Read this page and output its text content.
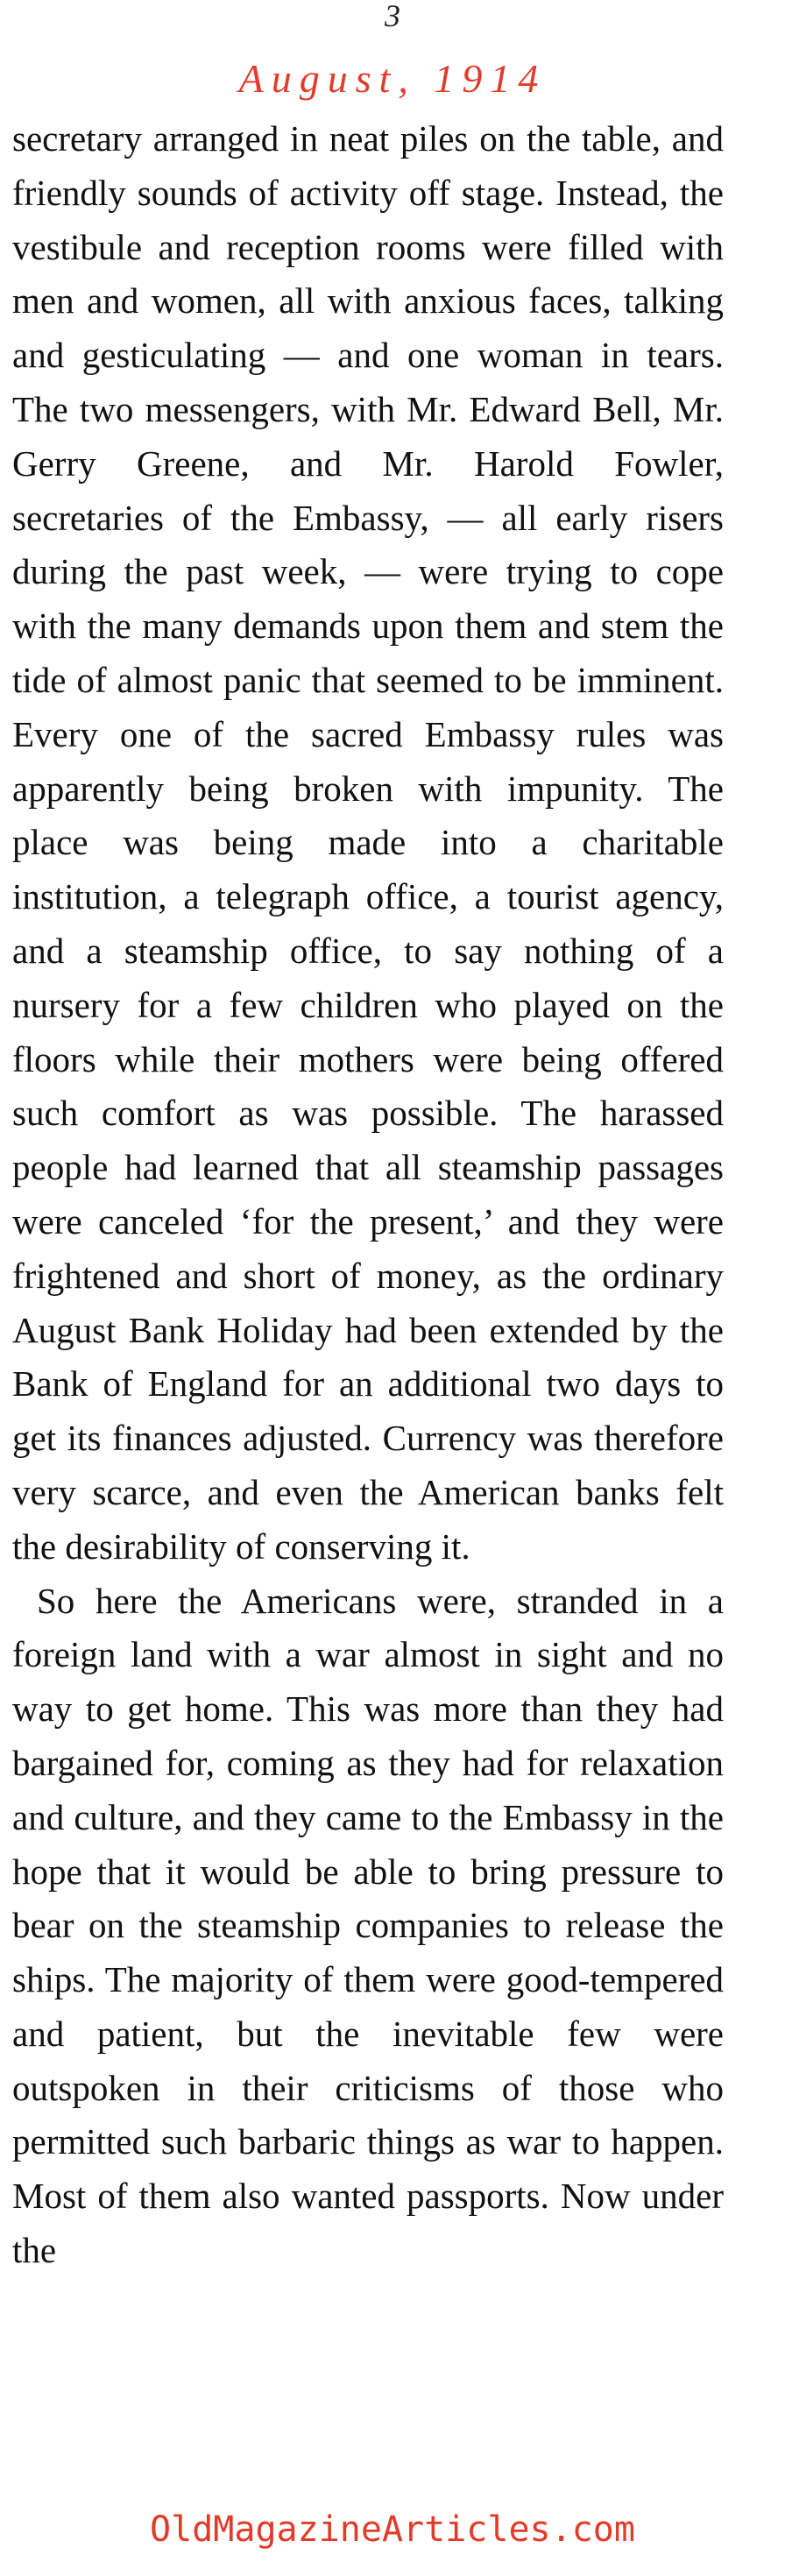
3
August, 1914

secretary arranged in neat piles on the table, and friendly sounds of activity off stage. Instead, the vestibule and reception rooms were filled with men and women, all with anxious faces, talking and gesticulating — and one woman in tears. The two messengers, with Mr. Edward Bell, Mr. Gerry Greene, and Mr. Harold Fowler, secretaries of the Embassy, — all early risers during the past week, — were trying to cope with the many demands upon them and stem the tide of almost panic that seemed to be imminent. Every one of the sacred Embassy rules was apparently being broken with impunity. The place was being made into a charitable institution, a telegraph office, a tourist agency, and a steamship office, to say nothing of a nursery for a few children who played on the floors while their mothers were being offered such comfort as was possible. The harassed people had learned that all steamship passages were canceled ‘for the present,’ and they were frightened and short of money, as the ordinary August Bank Holiday had been extended by the Bank of England for an additional two days to get its finances adjusted. Currency was therefore very scarce, and even the American banks felt the desirability of conserving it.

So here the Americans were, stranded in a foreign land with a war almost in sight and no way to get home. This was more than they had bargained for, coming as they had for relaxation and culture, and they came to the Embassy in the hope that it would be able to bring pressure to bear on the steamship companies to release the ships. The majority of them were good-tempered and patient, but the inevitable few were outspoken in their criticisms of those who permitted such barbaric things as war to happen. Most of them also wanted passports. Now under the

OldMagazineArticles.com
